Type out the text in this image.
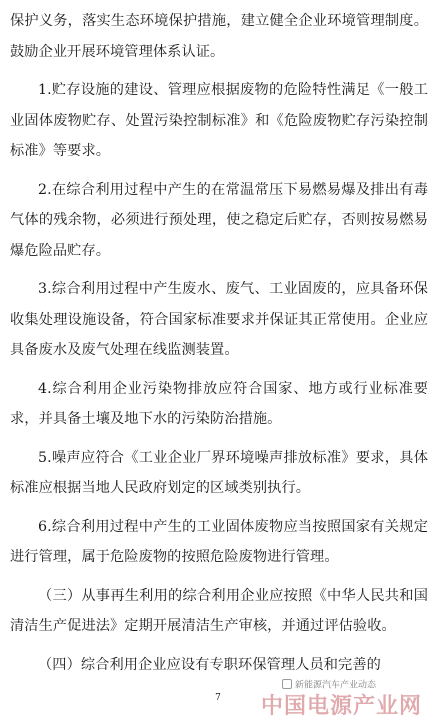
保护义务，落实生态环境保护措施，建立健全企业环境管理制度。鼓励企业开展环境管理体系认证。

1.贮存设施的建设、管理应根据废物的危险特性满足《一般工业固体废物贮存、处置污染控制标准》和《危险废物贮存污染控制标准》等要求。

2.在综合利用过程中产生的在常温常压下易燃易爆及排出有毒气体的残余物，必须进行预处理，使之稳定后贮存，否则按易燃易爆危险品贮存。

3.综合利用过程中产生废水、废气、工业固废的，应具备环保收集处理设施设备，符合国家标准要求并保证其正常使用。企业应具备废水及废气处理在线监测装置。

4.综合利用企业污染物排放应符合国家、地方或行业标准要求，并具备土壤及地下水的污染防治措施。

5.噪声应符合《工业企业厂界环境噪声排放标准》要求，具体标准应根据当地人民政府划定的区域类别执行。

6.综合利用过程中产生的工业固体废物应当按照国家有关规定进行管理，属于危险废物的按照危险废物进行管理。

（三）从事再生利用的综合利用企业应按照《中华人民共和国清洁生产促进法》定期开展清洁生产审核，并通过评估验收。

（四）综合利用企业应设有专职环保管理人员和完善的

7
新能源汽车产业动态
中国电源产业网
